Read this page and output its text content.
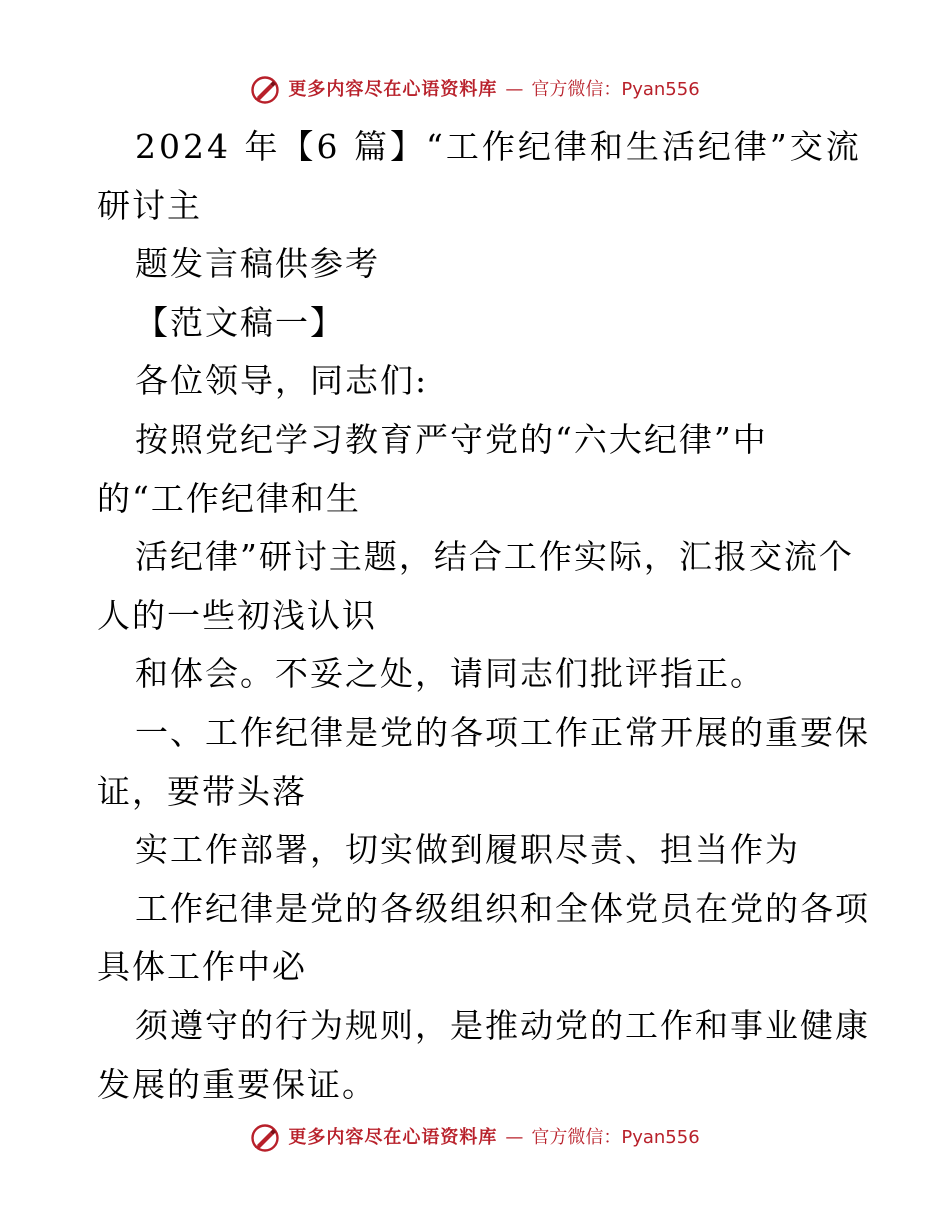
更多内容尽在心语资料库 — 官方微信：Pyan556
2024 年【6 篇】“工作纪律和生活纪律”交流
研讨主
题发言稿供参考
【范文稿一】
各位领导，同志们:
按照党纪学习教育严守党的“六大纪律”中
的“工作纪律和生
活纪律”研讨主题，结合工作实际，汇报交流个
人的一些初浅认识
和体会。不妥之处，请同志们批评指正。
一、工作纪律是党的各项工作正常开展的重要保
证，要带头落
实工作部署，切实做到履职尽责、担当作为
工作纪律是党的各级组织和全体党员在党的各项
具体工作中必
须遵守的行为规则，是推动党的工作和事业健康
发展的重要保证。
更多内容尽在心语资料库 — 官方微信：Pyan556
